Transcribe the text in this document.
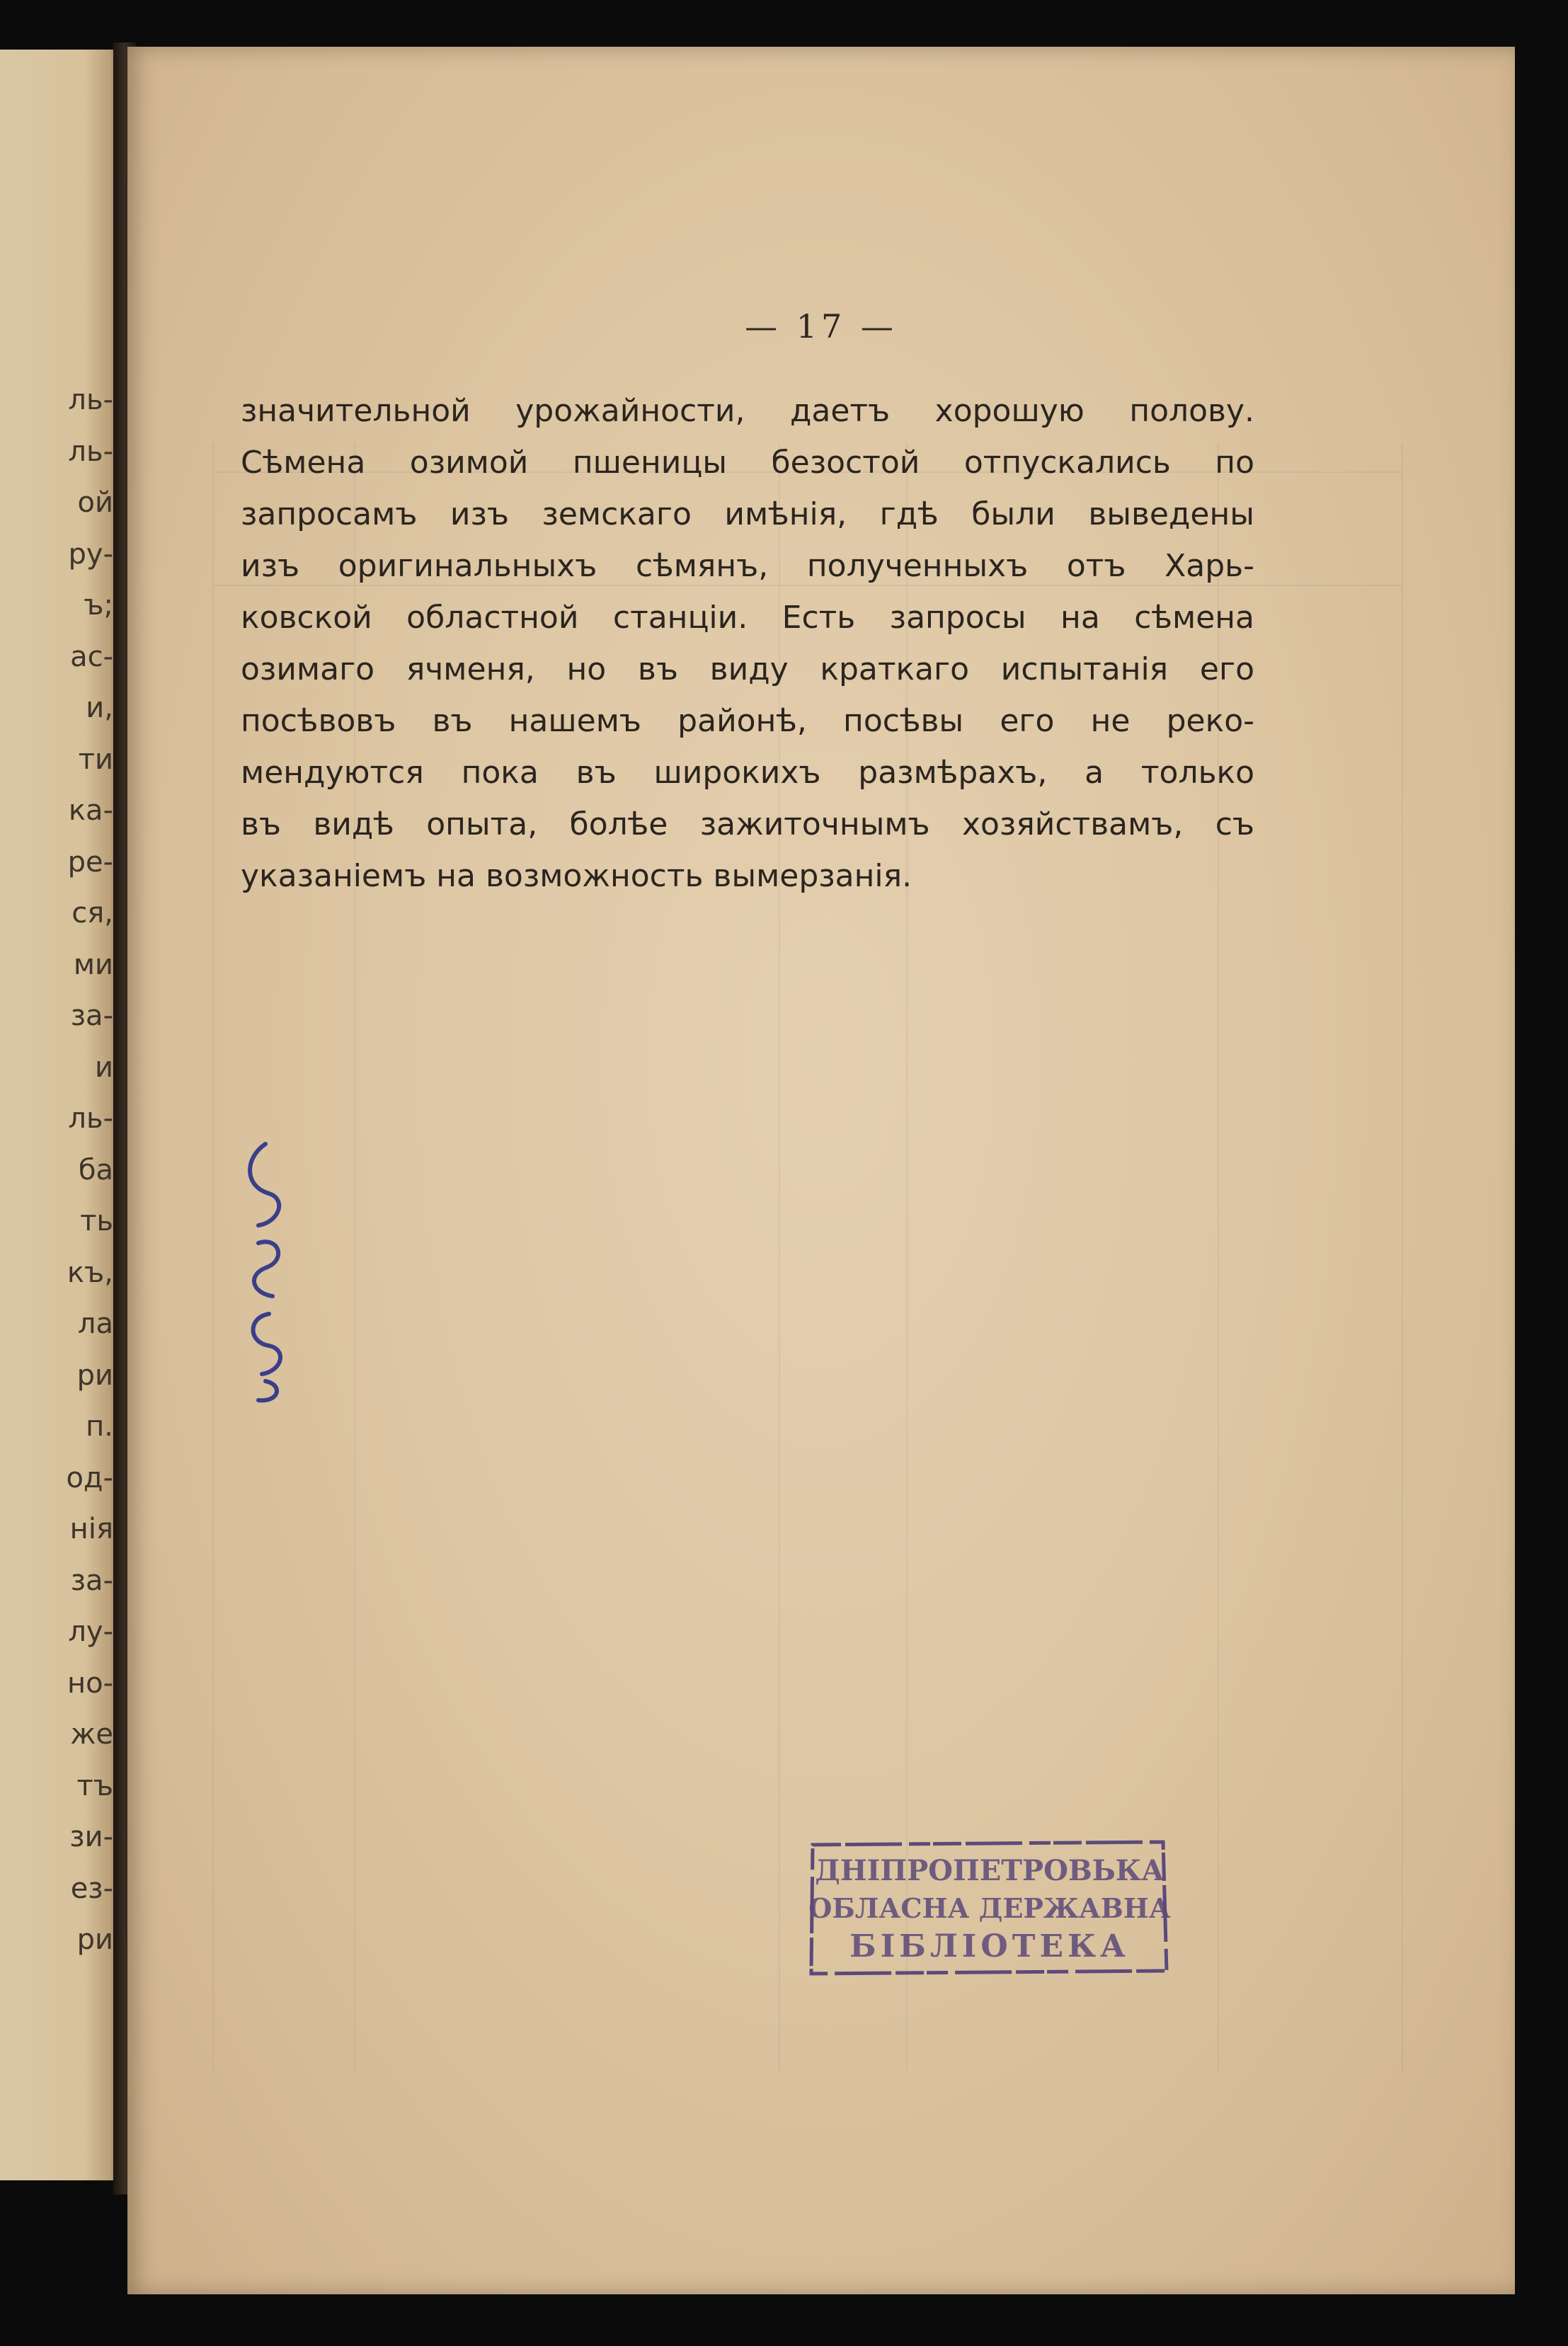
ль-
ль-
ой
ру-
ъ;
ас-
и,
ти
ка-
ре-
ся,
ми
за-
и
ль-
ба
ть
къ,
ла
ри
п.
од-
нія
за-
лу-
но-
же
тъ
зи-
ез-
ри
— 17 —
значительной урожайности, даетъ хорошую полову.
Сѣмена озимой пшеницы безостой отпускались по
запросамъ изъ земскаго имѣнія, гдѣ были выведены
изъ оригинальныхъ сѣмянъ, полученныхъ отъ Харь-
ковской областной станціи. Есть запросы на сѣмена
озимаго ячменя, но въ виду краткаго испытанія его
посѣвовъ въ нашемъ районѣ, посѣвы его не реко-
мендуются пока въ широкихъ размѣрахъ, а только
въ видѣ опыта, болѣе зажиточнымъ хозяйствамъ, съ
указаніемъ на возможность вымерзанія.
ДНІПРОПЕТРОВЬКА
ОБЛАСНА ДЕРЖАВНА
БІБЛІОТЕКА
